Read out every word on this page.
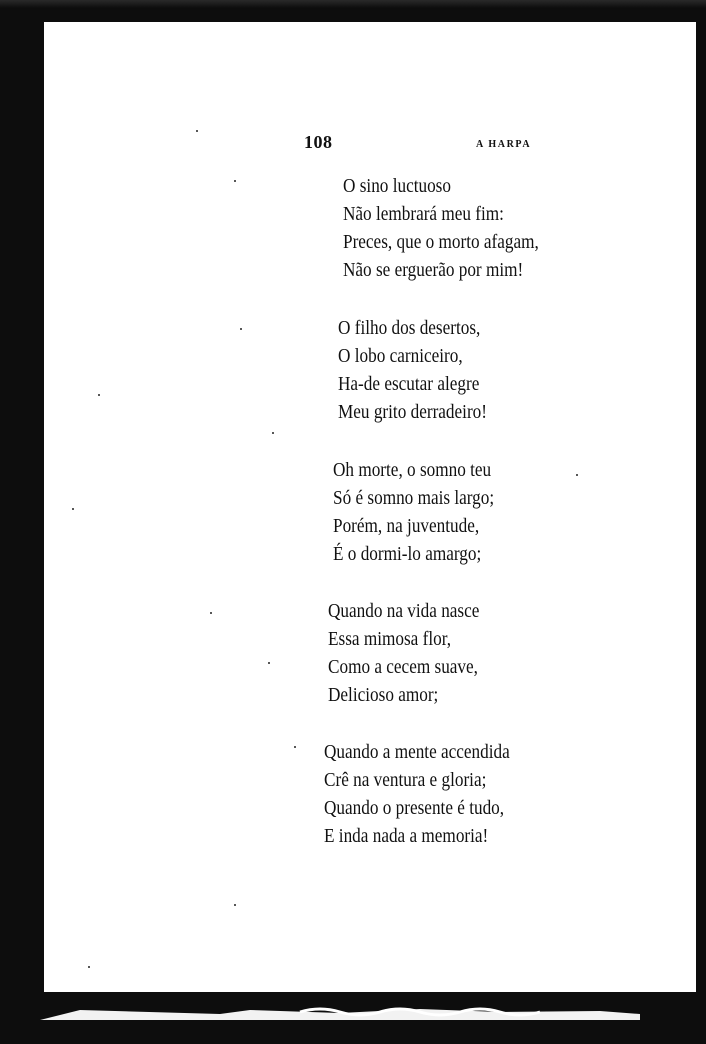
108	A HARPA
O sino luctuoso
Não lembrará meu fim:
Preces, que o morto afagam,
Não se erguerão por mim!
O filho dos desertos,
O lobo carniceiro,
Ha-de escutar alegre
Meu grito derradeiro!
Oh morte, o somno teu
Só é somno mais largo;
Porém, na juventude,
É o dormi-lo amargo;
Quando na vida nasce
Essa mimosa flor,
Como a cecem suave,
Delicioso amor;
Quando a mente accendida
Crê na ventura e gloria;
Quando o presente é tudo,
E inda nada a memoria!
